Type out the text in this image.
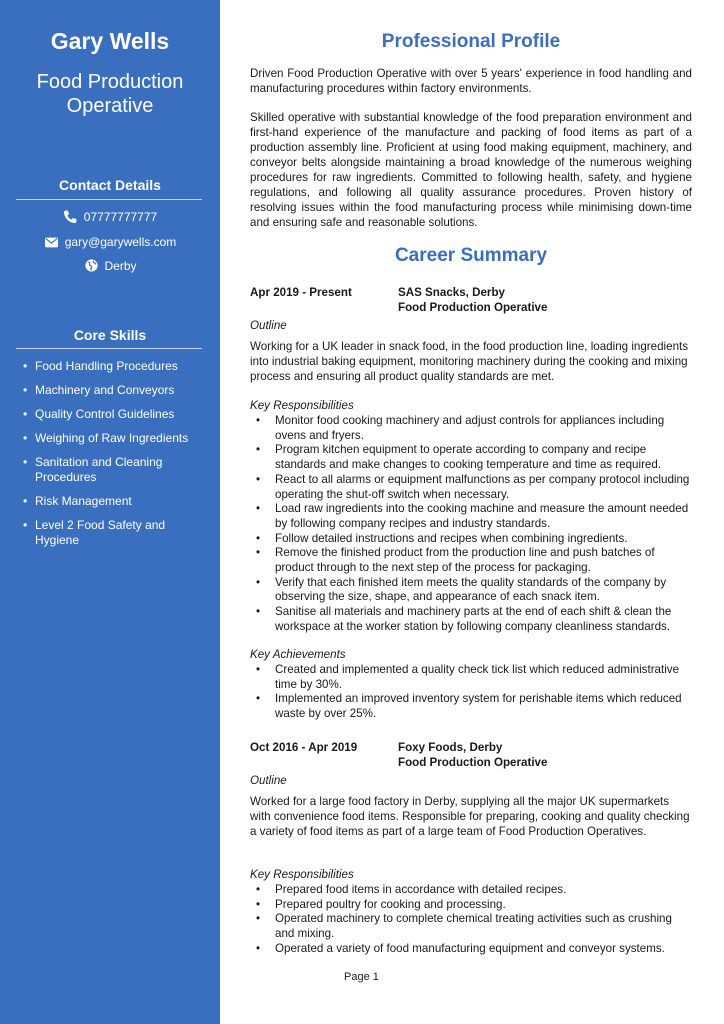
Gary Wells
Food Production Operative
Contact Details
07777777777
gary@garywells.com
Derby
Core Skills
• Food Handling Procedures
• Machinery and Conveyors
• Quality Control Guidelines
• Weighing of Raw Ingredients
• Sanitation and Cleaning Procedures
• Risk Management
• Level 2 Food Safety and Hygiene
Professional Profile

Driven Food Production Operative with over 5 years' experience in food handling and manufacturing procedures within factory environments.

Skilled operative with substantial knowledge of the food preparation environment and first-hand experience of the manufacture and packing of food items as part of a production assembly line. Proficient at using food making equipment, machinery, and conveyor belts alongside maintaining a broad knowledge of the numerous weighing procedures for raw ingredients. Committed to following health, safety, and hygiene regulations, and following all quality assurance procedures. Proven history of resolving issues within the food manufacturing process while minimising down-time and ensuring safe and reasonable solutions.

Career Summary
Apr 2019 - Present	SAS Snacks, Derby
Food Production Operative
Outline

Working for a UK leader in snack food, in the food production line, loading ingredients into industrial baking equipment, monitoring machinery during the cooking and mixing process and ensuring all product quality standards are met.

Key Responsibilities
• Monitor food cooking machinery and adjust controls for appliances including ovens and fryers.
• Program kitchen equipment to operate according to company and recipe standards and make changes to cooking temperature and time as required.
• React to all alarms or equipment malfunctions as per company protocol including operating the shut-off switch when necessary.
• Load raw ingredients into the cooking machine and measure the amount needed by following company recipes and industry standards.
• Follow detailed instructions and recipes when combining ingredients.
• Remove the finished product from the production line and push batches of product through to the next step of the process for packaging.
• Verify that each finished item meets the quality standards of the company by observing the size, shape, and appearance of each snack item.
• Sanitise all materials and machinery parts at the end of each shift & clean the workspace at the worker station by following company cleanliness standards.
Key Achievements
• Created and implemented a quality check tick list which reduced administrative time by 30%.
• Implemented an improved inventory system for perishable items which reduced waste by over 25%.
Oct 2016 - Apr 2019	Foxy Foods, Derby
Food Production Operative
Outline

Worked for a large food factory in Derby, supplying all the major UK supermarkets with convenience food items. Responsible for preparing, cooking and quality checking a variety of food items as part of a large team of Food Production Operatives.

Key Responsibilities
• Prepared food items in accordance with detailed recipes.
• Prepared poultry for cooking and processing.
• Operated machinery to complete chemical treating activities such as crushing and mixing.
• Operated a variety of food manufacturing equipment and conveyor systems.
Page 1
